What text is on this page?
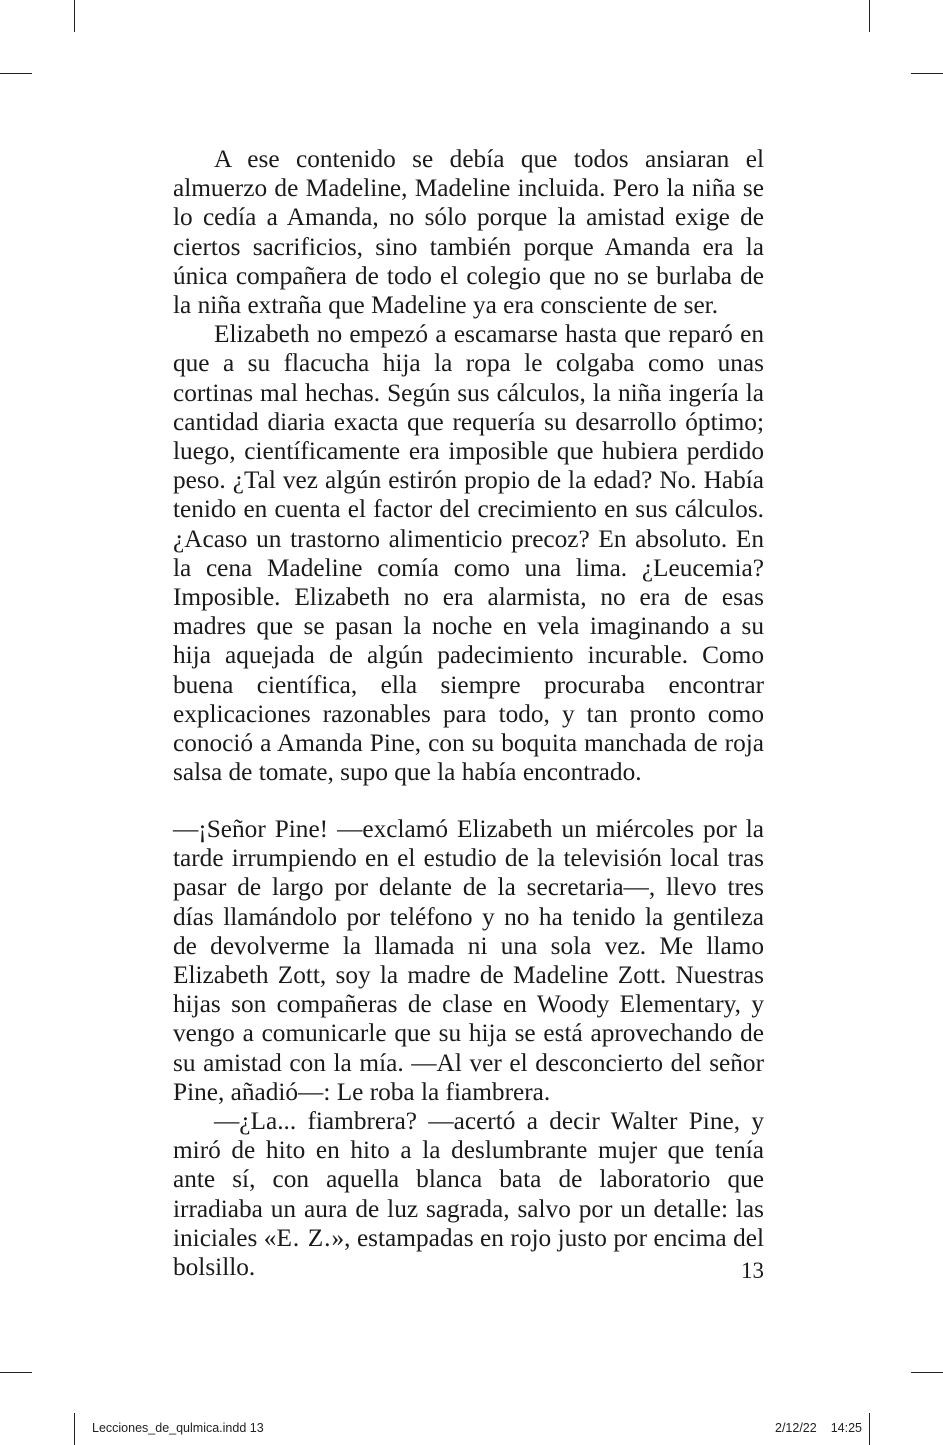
A ese contenido se debía que todos ansiaran el almuerzo de Madeline, Madeline incluida. Pero la niña se lo cedía a Amanda, no sólo porque la amistad exige de ciertos sacrificios, sino también porque Amanda era la única compañera de todo el colegio que no se burlaba de la niña extraña que Madeline ya era consciente de ser.

Elizabeth no empezó a escamarse hasta que reparó en que a su flacucha hija la ropa le colgaba como unas cortinas mal hechas. Según sus cálculos, la niña ingería la cantidad diaria exacta que requería su desarrollo óptimo; luego, científicamente era imposible que hubiera perdido peso. ¿Tal vez algún estirón propio de la edad? No. Había tenido en cuenta el factor del crecimiento en sus cálculos. ¿Acaso un trastorno alimenticio precoz? En absoluto. En la cena Madeline comía como una lima. ¿Leucemia? Imposible. Elizabeth no era alarmista, no era de esas madres que se pasan la noche en vela imaginando a su hija aquejada de algún padecimiento incurable. Como buena científica, ella siempre procuraba encontrar explicaciones razonables para todo, y tan pronto como conoció a Amanda Pine, con su boquita manchada de roja salsa de tomate, supo que la había encontrado.

—¡Señor Pine! —exclamó Elizabeth un miércoles por la tarde irrumpiendo en el estudio de la televisión local tras pasar de largo por delante de la secretaria—, llevo tres días llamándolo por teléfono y no ha tenido la gentileza de devolverme la llamada ni una sola vez. Me llamo Elizabeth Zott, soy la madre de Madeline Zott. Nuestras hijas son compañeras de clase en Woody Elementary, y vengo a comunicarle que su hija se está aprovechando de su amistad con la mía. —Al ver el desconcierto del señor Pine, añadió—: Le roba la fiambrera.

—¿La... fiambrera? —acertó a decir Walter Pine, y miró de hito en hito a la deslumbrante mujer que tenía ante sí, con aquella blanca bata de laboratorio que irradiaba un aura de luz sagrada, salvo por un detalle: las iniciales «E. Z.», estampadas en rojo justo por encima del bolsillo.	13
Lecciones_de_qulmica.indd 13	2/12/22 14:25
